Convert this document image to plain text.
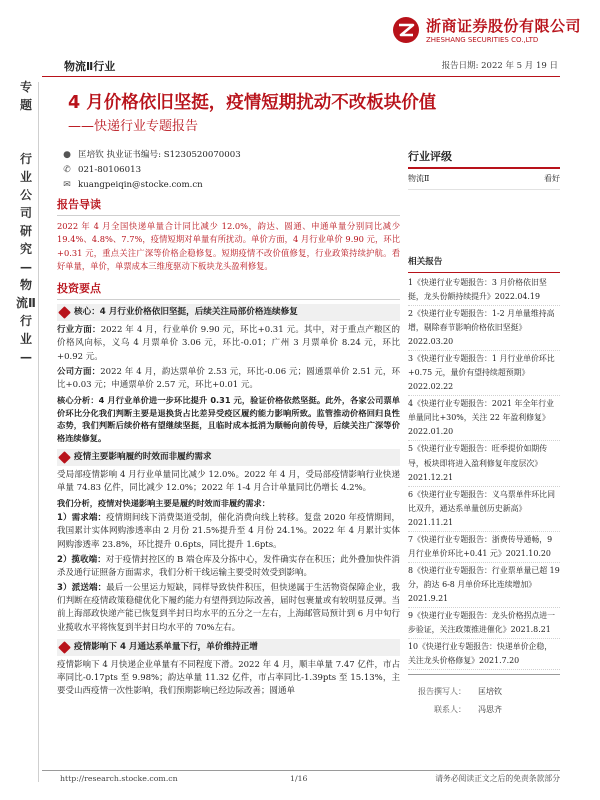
浙商证券股份有限公司
ZHESHANG SECURITIES CO.,LTD
物流Ⅱ行业	报告日期: 2022 年 5 月 19 日
专题
行业公司研究—物流Ⅱ行业—
4 月价格依旧坚挺，疫情短期扰动不改板块价值
——快递行业专题报告
● 匡培钦 执业证书编号: S1230520070003
✆ 021-80106013
✉ kuangpeiqin@stocke.com.cn
报告导读
2022 年 4 月全国快递单量合计同比减少 12.0%，韵达、圆通、申通单量分别同比减少 19.4%、4.8%、7.7%，疫情短期对单量有所扰动。单价方面，4 月行业单价 9.90 元，环比+0.31 元，重点关注广深等价格企稳修复。短期疫情不改价值修复，行业政策持续护航。看好单量，单价，单票成本三维度驱动下板块龙头盈利修复。
投资要点
核心：4 月行业价格依旧坚挺，后续关注局部价格连续修复
行业方面：2022 年 4 月，行业单价 9.90 元，环比+0.31 元。其中，对于重点产粮区的价格风向标，义乌 4 月票单价 3.06 元，环比-0.01；广州 3 月票单价 8.24 元，环比+0.92 元。
公司方面：2022 年 4 月，韵达票单价 2.53 元，环比-0.06 元；圆通票单价 2.51 元，环比+0.03 元；申通票单价 2.57 元，环比+0.01 元。
核心分析：4 月行业单价进一步环比提升 0.31 元，验证价格依然坚挺。此外，各家公司票单价环比分化我们判断主要是退换货占比差异受疫区履约能力影响所致。监管推动价格回归良性态势，我们判断后续价格有望继续坚挺，且临时成本抵消为顺畅向前传导，后续关注广深等价格连续修复。
疫情主要影响履约时效而非履约需求
受局部疫情影响 4 月行业单量同比减少 12.0%。2022 年 4 月，受局部疫情影响行业快递单量 74.83 亿件，同比减少 12.0%；2022 年 1-4 月合计单量同比仍增长 4.2%。
我们分析，疫情对快递影响主要是履约时效而非履约需求：
1）需求端：疫情期间线下消费渠道受制，催化消费向线上转移。复盘 2020 年疫情期间，我国累计实体网购渗透率由 2 月份 21.5%提升至 4 月份 24.1%。2022 年 4 月累计实体网购渗透率 23.8%，环比提升 0.6pts，同比提升 1.6pts。
2）揽收端：对于疫情封控区的 B 端仓库及分拣中心，发件确实存在积压；此外叠加快件消杀及通行证照备方面需求，我们分析干线运输主要受时效受到影响。
3）派送端：最后一公里运力短缺，同样导致快件积压，但快递属于生活物资保障企业，我们判断在疫情政策稳健优化下履约能力有望得到边际改善，届时包裹量或有较明显反弹。当前上海部政快递产能已恢复到半封日均水平的五分之一左右，上海邮管局预计到 6 月中旬行业揽收水平将恢复到半封日均水平的 70%左右。
疫情影响下 4 月通达系单量下行，单价维持正增
疫情影响下 4 月快递企业单量有不同程度下滑。2022 年 4 月，顺丰单量 7.47 亿件，市占率同比-0.17pts 至 9.98%；韵达单量 11.32 亿件，市占率同比-1.39pts 至 15.13%，主要受山西疫情一次性影响，我们预期影响已经边际改善；圆通单
行业评级
物流Ⅱ	看好
相关报告
1《快递行业专题报告：3 月价格依旧坚挺，龙头份额持续提升》2022.04.19
2《快递行业专题报告：1-2 月单量维持高增，剔除春节影响价格依旧坚挺》2022.03.20
3《快递行业专题报告：1 月行业单价环比+0.75 元，量价有望持续超预期》2022.02.22
4《快递行业专题报告：2021 年全年行业单量同比+30%，关注 22 年盈利修复》2022.01.20
5《快递行业专题报告：旺季提价如期传导，板块即将进入盈利修复年度层次》2021.12.21
6《快递行业专题报告：义乌票单件环比同比双升，通达系单量创历史新高》2021.11.21
7《快递行业专题报告：浙费传导通畅，9 月行业单价环比+0.41 元》2021.10.20
8《快递行业专题报告：行业票单量已超 19 分，韵达 6-8 月单价环比连续增加》2021.9.21
9《快递行业专题报告：龙头价格拐点进一步验证，关注政策推进催化》2021.8.21
10《快递行业专题报告：快递单价企稳，关注龙头价格修复》2021.7.20
报告撰写人： 匡培钦
联系人： 冯思齐
http://research.stocke.com.cn	1/16	请务必阅读正文之后的免责条款部分
